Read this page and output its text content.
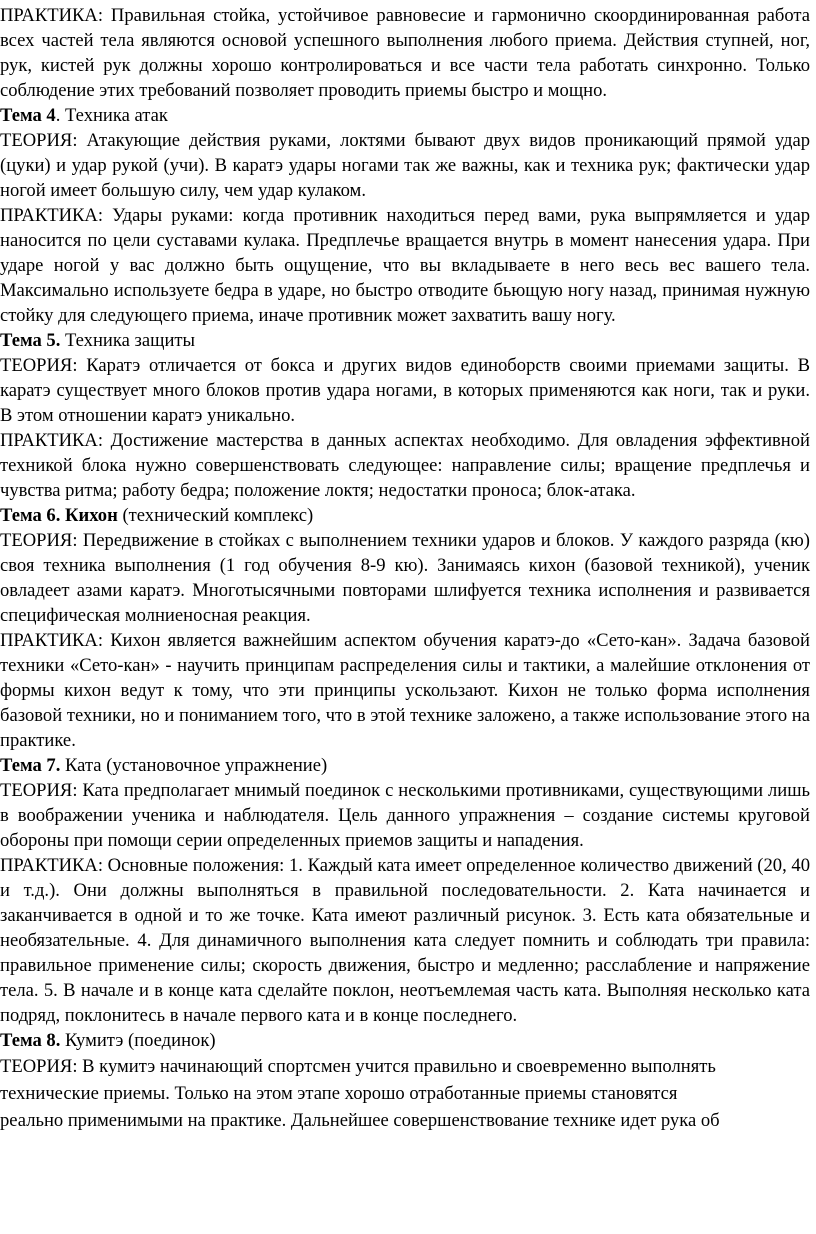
ПРАКТИКА: Правильная стойка, устойчивое равновесие и гармонично скоординированная работа всех частей тела являются основой успешного выполнения любого приема. Действия ступней, ног, рук, кистей рук должны хорошо контролироваться и все части тела работать синхронно. Только соблюдение этих требований позволяет проводить приемы быстро и мощно.

Тема 4. Техника атак

ТЕОРИЯ: Атакующие действия руками, локтями бывают двух видов проникающий прямой удар (цуки) и удар рукой (учи). В каратэ удары ногами так же важны, как и техника рук; фактически удар ногой имеет большую силу, чем удар кулаком.

ПРАКТИКА: Удары руками: когда противник находиться перед вами, рука выпрямляется и удар наносится по цели суставами кулака. Предплечье вращается внутрь в момент нанесения удара. При ударе ногой у вас должно быть ощущение, что вы вкладываете в него весь вес вашего тела. Максимально используете бедра в ударе, но быстро отводите бьющую ногу назад, принимая нужную стойку для следующего приема, иначе противник может захватить вашу ногу.

Тема 5. Техника защиты

ТЕОРИЯ: Каратэ отличается от бокса и других видов единоборств своими приемами защиты. В каратэ существует много блоков против удара ногами, в которых применяются как ноги, так и руки. В этом отношении каратэ уникально.

ПРАКТИКА: Достижение мастерства в данных аспектах необходимо. Для овладения эффективной техникой блока нужно совершенствовать следующее: направление силы; вращение предплечья и чувства ритма; работу бедра; положение локтя; недостатки проноса; блок-атака.

Тема 6. Кихон (технический комплекс)

ТЕОРИЯ: Передвижение в стойках с выполнением техники ударов и блоков. У каждого разряда (кю) своя техника выполнения (1 год обучения 8-9 кю). Занимаясь кихон (базовой техникой), ученик овладеет азами каратэ. Многотысячными повторами шлифуется техника исполнения и развивается специфическая молниеносная реакция.

ПРАКТИКА: Кихон является важнейшим аспектом обучения каратэ-до «Сето-кан». Задача базовой техники «Сето-кан» - научить принципам распределения силы и тактики, а малейшие отклонения от формы кихон ведут к тому, что эти принципы ускользают. Кихон не только форма исполнения базовой техники, но и пониманием того, что в этой технике заложено, а также использование этого на практике.

Тема 7. Ката (установочное упражнение)

ТЕОРИЯ: Ката предполагает мнимый поединок с несколькими противниками, существующими лишь в воображении ученика и наблюдателя. Цель данного упражнения – создание системы круговой обороны при помощи серии определенных приемов защиты и нападения.

ПРАКТИКА: Основные положения: 1. Каждый ката имеет определенное количество движений (20, 40 и т.д.). Они должны выполняться в правильной последовательности. 2. Ката начинается и заканчивается в одной и то же точке. Ката имеют различный рисунок. 3. Есть ката обязательные и необязательные. 4. Для динамичного выполнения ката следует помнить и соблюдать три правила: правильное применение силы; скорость движения, быстро и медленно; расслабление и напряжение тела. 5. В начале и в конце ката сделайте поклон, неотъемлемая часть ката. Выполняя несколько ката подряд, поклонитесь в начале первого ката и в конце последнего.

Тема 8. Кумитэ (поединок)

ТЕОРИЯ: В кумитэ начинающий спортсмен учится правильно и своевременно выполнять

технические приемы. Только на этом этапе хорошо отработанные приемы становятся

реально применимыми на практике. Дальнейшее совершенствование технике идет рука об
